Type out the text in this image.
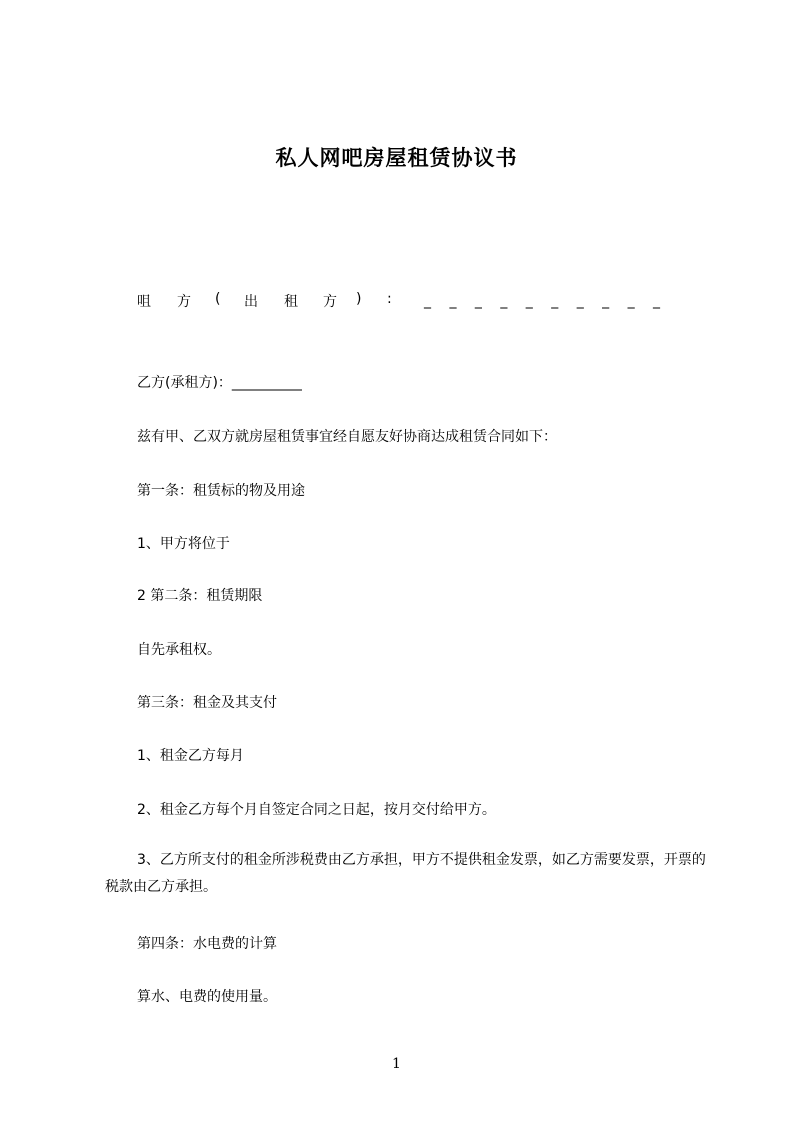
私人网吧房屋租赁协议书
咀 方 ( 出 租 方 ) : _ _ _ _ _ _ _ _ _ _
乙方(承租方)：__________
兹有甲、乙双方就房屋租赁事宜经自愿友好协商达成租赁合同如下：
第一条：租赁标的物及用途
1、甲方将位于
2 第二条：租赁期限
自先承租权。
第三条：租金及其支付
1、租金乙方每月
2、租金乙方每个月自签定合同之日起，按月交付给甲方。
3、乙方所支付的租金所涉税费由乙方承担，甲方不提供租金发票，如乙方需要发票，开票的税款由乙方承担。
第四条：水电费的计算
算水、电费的使用量。
1
